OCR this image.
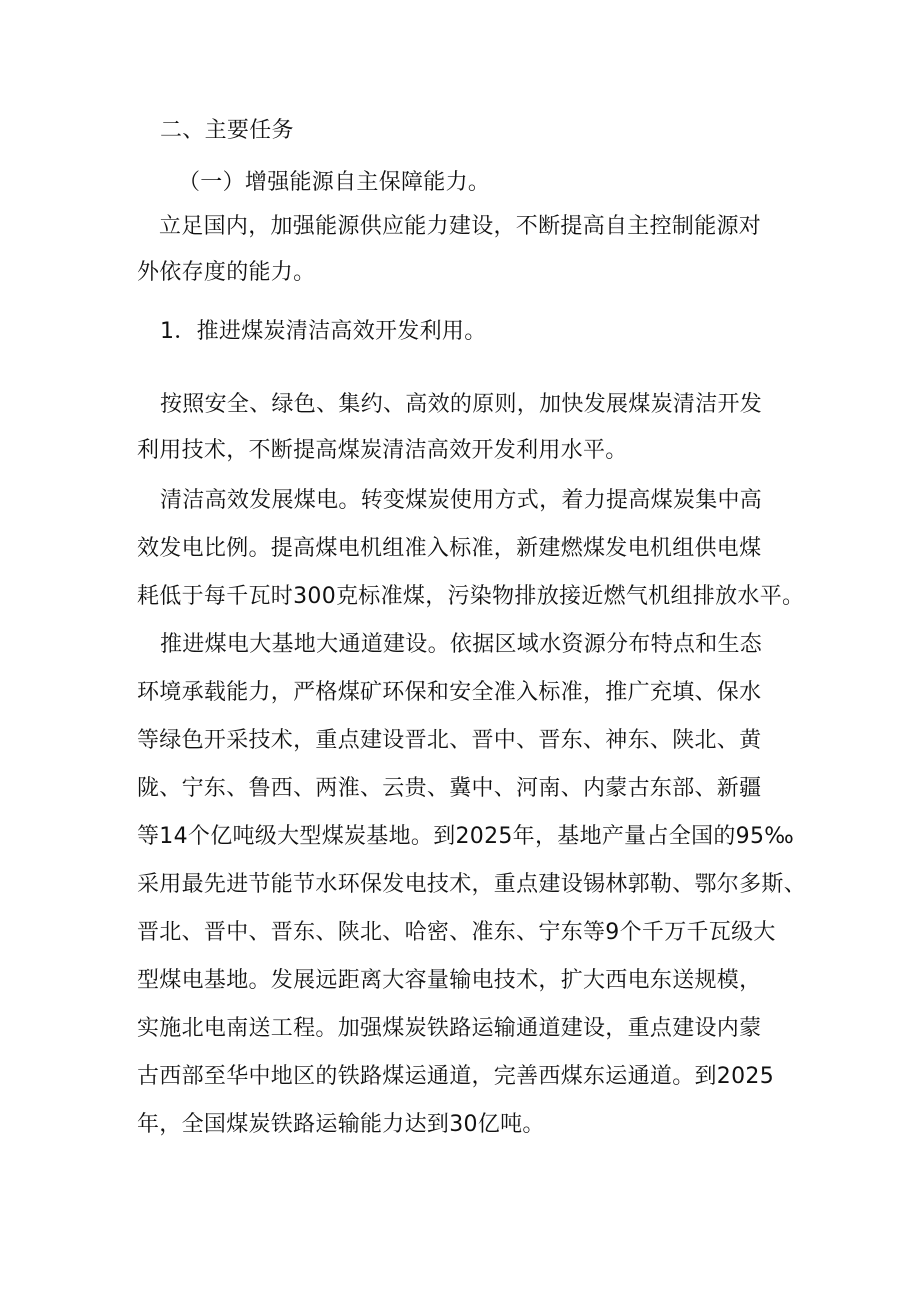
二、主要任务
（一）增强能源自主保障能力。
立足国内，加强能源供应能力建设，不断提高自主控制能源对
外依存度的能力。
1．推进煤炭清洁高效开发利用。
按照安全、绿色、集约、高效的原则，加快发展煤炭清洁开发
利用技术，不断提高煤炭清洁高效开发利用水平。
清洁高效发展煤电。转变煤炭使用方式，着力提高煤炭集中高
效发电比例。提高煤电机组准入标准，新建燃煤发电机组供电煤
耗低于每千瓦时300克标准煤，污染物排放接近燃气机组排放水平。
推进煤电大基地大通道建设。依据区域水资源分布特点和生态
环境承载能力，严格煤矿环保和安全准入标准，推广充填、保水
等绿色开采技术，重点建设晋北、晋中、晋东、神东、陕北、黄
陇、宁东、鲁西、两淮、云贵、冀中、河南、内蒙古东部、新疆
等14个亿吨级大型煤炭基地。到2025年，基地产量占全国的95‰
采用最先进节能节水环保发电技术，重点建设锡林郭勒、鄂尔多斯、
晋北、晋中、晋东、陕北、哈密、准东、宁东等9个千万千瓦级大
型煤电基地。发展远距离大容量输电技术，扩大西电东送规模，
实施北电南送工程。加强煤炭铁路运输通道建设，重点建设内蒙
古西部至华中地区的铁路煤运通道，完善西煤东运通道。到2025
年，全国煤炭铁路运输能力达到30亿吨。
